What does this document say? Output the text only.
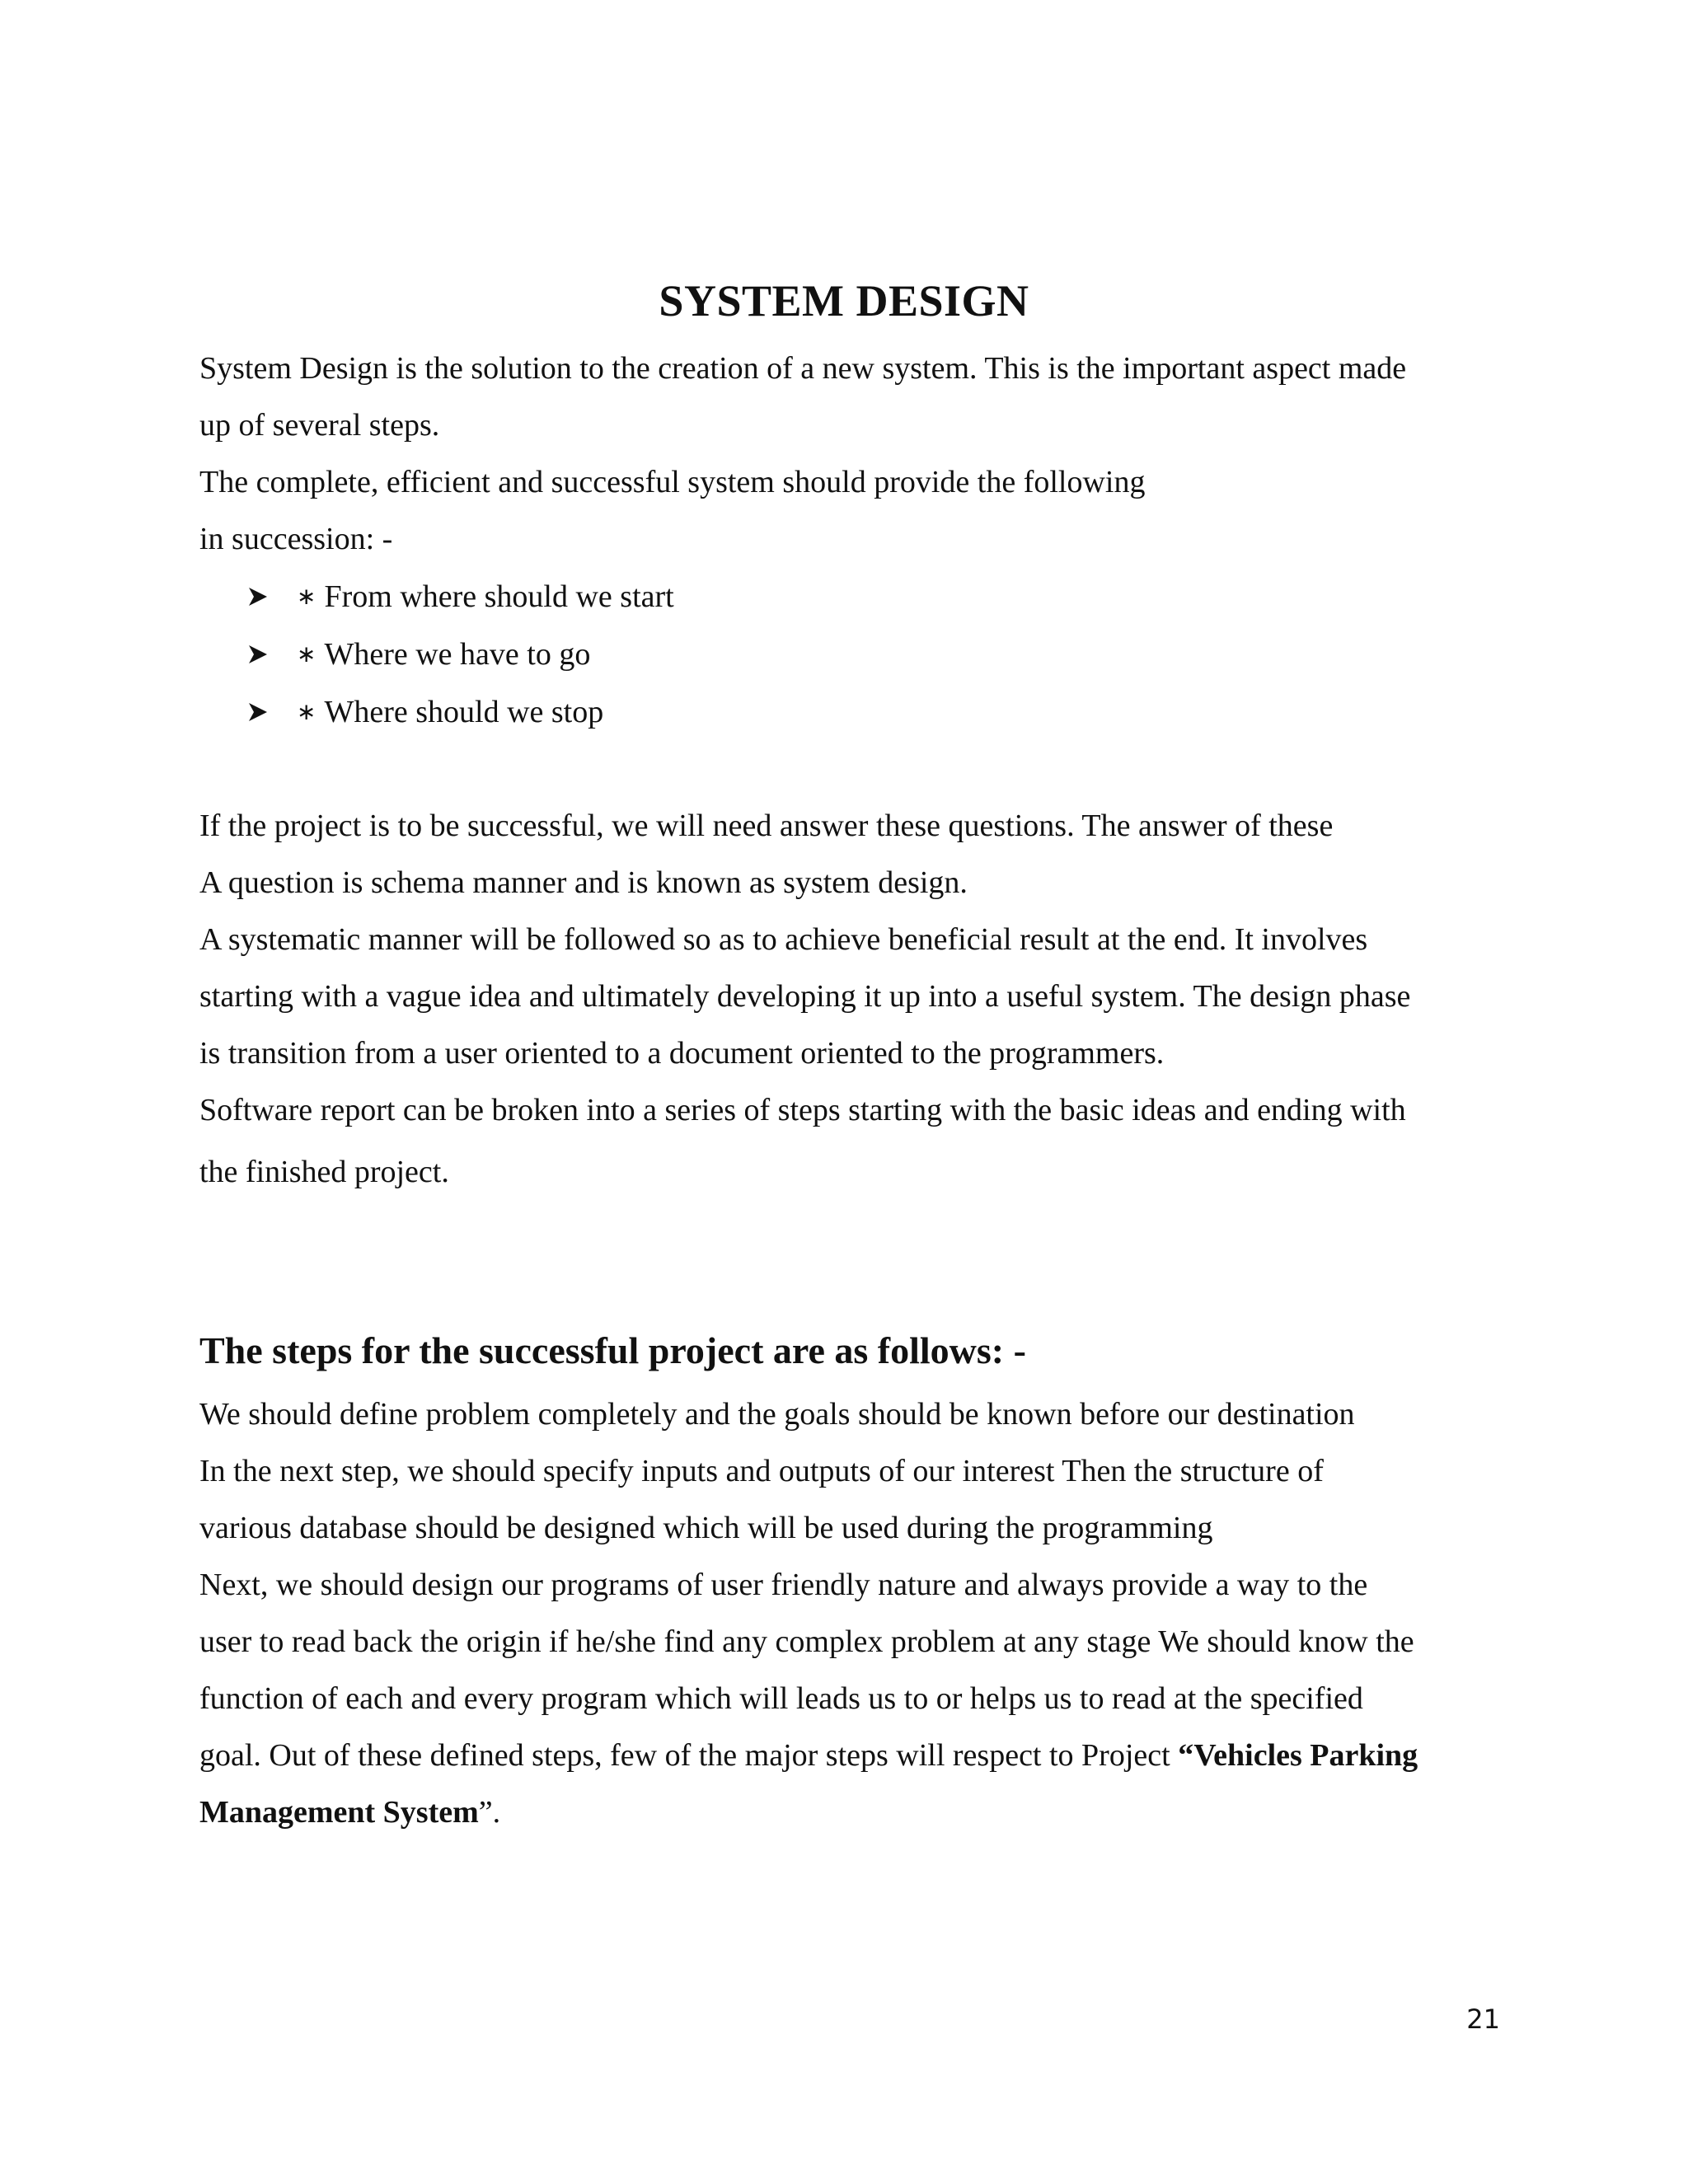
SYSTEM DESIGN

System Design is the solution to the creation of a new system. This is the important aspect made

up of several steps.

The complete, efficient and successful system should provide the following

in succession: -

∗ From where should we start
∗ Where we have to go
∗ Where should we stop

If the project is to be successful, we will need answer these questions. The answer of these

A question is schema manner and is known as system design.

A systematic manner will be followed so as to achieve beneficial result at the end. It involves

starting with a vague idea and ultimately developing it up into a useful system. The design phase

is transition from a user oriented to a document oriented to the programmers.

Software report can be broken into a series of steps starting with the basic ideas and ending with

the finished project.

The steps for the successful project are as follows: -

We should define problem completely and the goals should be known before our destination

In the next step, we should specify inputs and outputs of our interest Then the structure of

various database should be designed which will be used during the programming

Next, we should design our programs of user friendly nature and always provide a way to the

user to read back the origin if he/she find any complex problem at any stage We should know the

function of each and every program which will leads us to or helps us to read at the specified

goal. Out of these defined steps, few of the major steps will respect to Project “Vehicles Parking

Management System”.

21
